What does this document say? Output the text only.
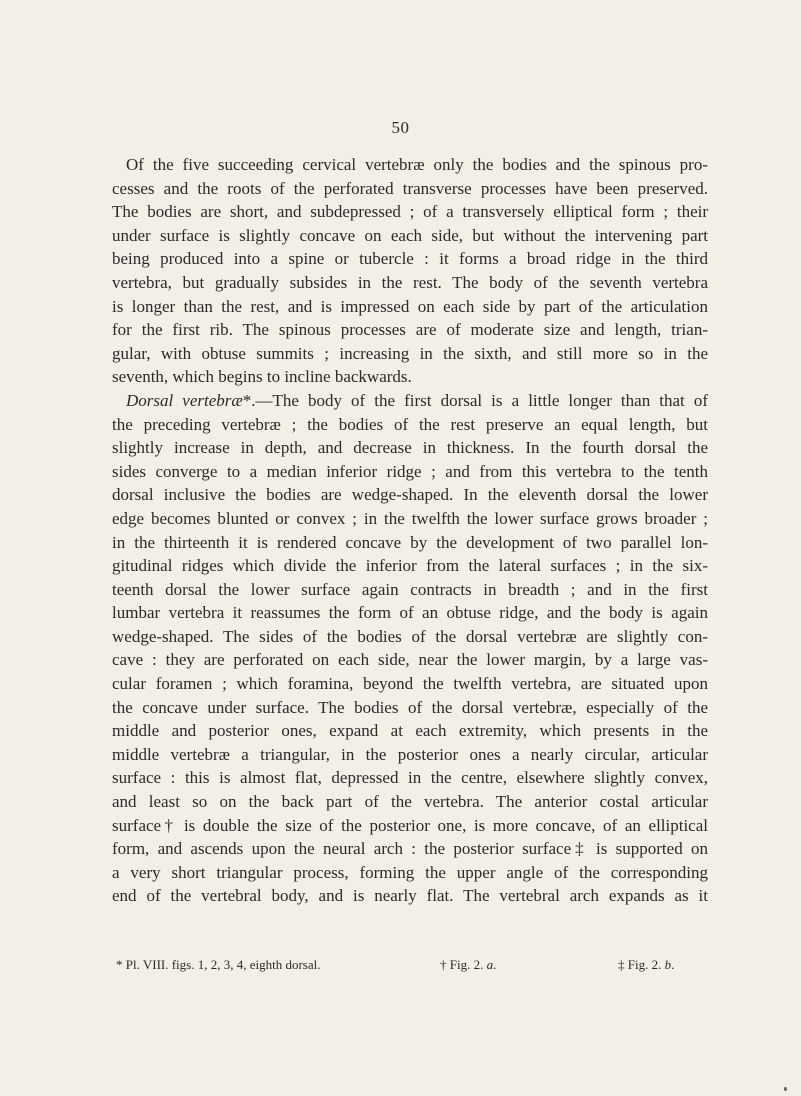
50
Of the five succeeding cervical vertebræ only the bodies and the spinous pro-
cesses and the roots of the perforated transverse processes have been preserved.
The bodies are short, and subdepressed ; of a transversely elliptical form ; their
under surface is slightly concave on each side, but without the intervening part
being produced into a spine or tubercle : it forms a broad ridge in the third
vertebra, but gradually subsides in the rest. The body of the seventh vertebra
is longer than the rest, and is impressed on each side by part of the articulation
for the first rib. The spinous processes are of moderate size and length, trian-
gular, with obtuse summits ; increasing in the sixth, and still more so in the
seventh, which begins to incline backwards.
Dorsal vertebræ*.—The body of the first dorsal is a little longer than that of
the preceding vertebræ ; the bodies of the rest preserve an equal length, but
slightly increase in depth, and decrease in thickness. In the fourth dorsal the
sides converge to a median inferior ridge ; and from this vertebra to the tenth
dorsal inclusive the bodies are wedge-shaped. In the eleventh dorsal the lower
edge becomes blunted or convex ; in the twelfth the lower surface grows broader ;
in the thirteenth it is rendered concave by the development of two parallel lon-
gitudinal ridges which divide the inferior from the lateral surfaces ; in the six-
teenth dorsal the lower surface again contracts in breadth ; and in the first
lumbar vertebra it reassumes the form of an obtuse ridge, and the body is again
wedge-shaped. The sides of the bodies of the dorsal vertebræ are slightly con-
cave : they are perforated on each side, near the lower margin, by a large vas-
cular foramen ; which foramina, beyond the twelfth vertebra, are situated upon
the concave under surface. The bodies of the dorsal vertebræ, especially of the
middle and posterior ones, expand at each extremity, which presents in the
middle vertebræ a triangular, in the posterior ones a nearly circular, articular
surface : this is almost flat, depressed in the centre, elsewhere slightly convex,
and least so on the back part of the vertebra. The anterior costal articular
surface† is double the size of the posterior one, is more concave, of an elliptical
form, and ascends upon the neural arch : the posterior surface‡ is supported on
a very short triangular process, forming the upper angle of the corresponding
end of the vertebral body, and is nearly flat. The vertebral arch expands as it
* Pl. VIII. figs. 1, 2, 3, 4, eighth dorsal.	† Fig. 2. a.	‡ Fig. 2. b.
